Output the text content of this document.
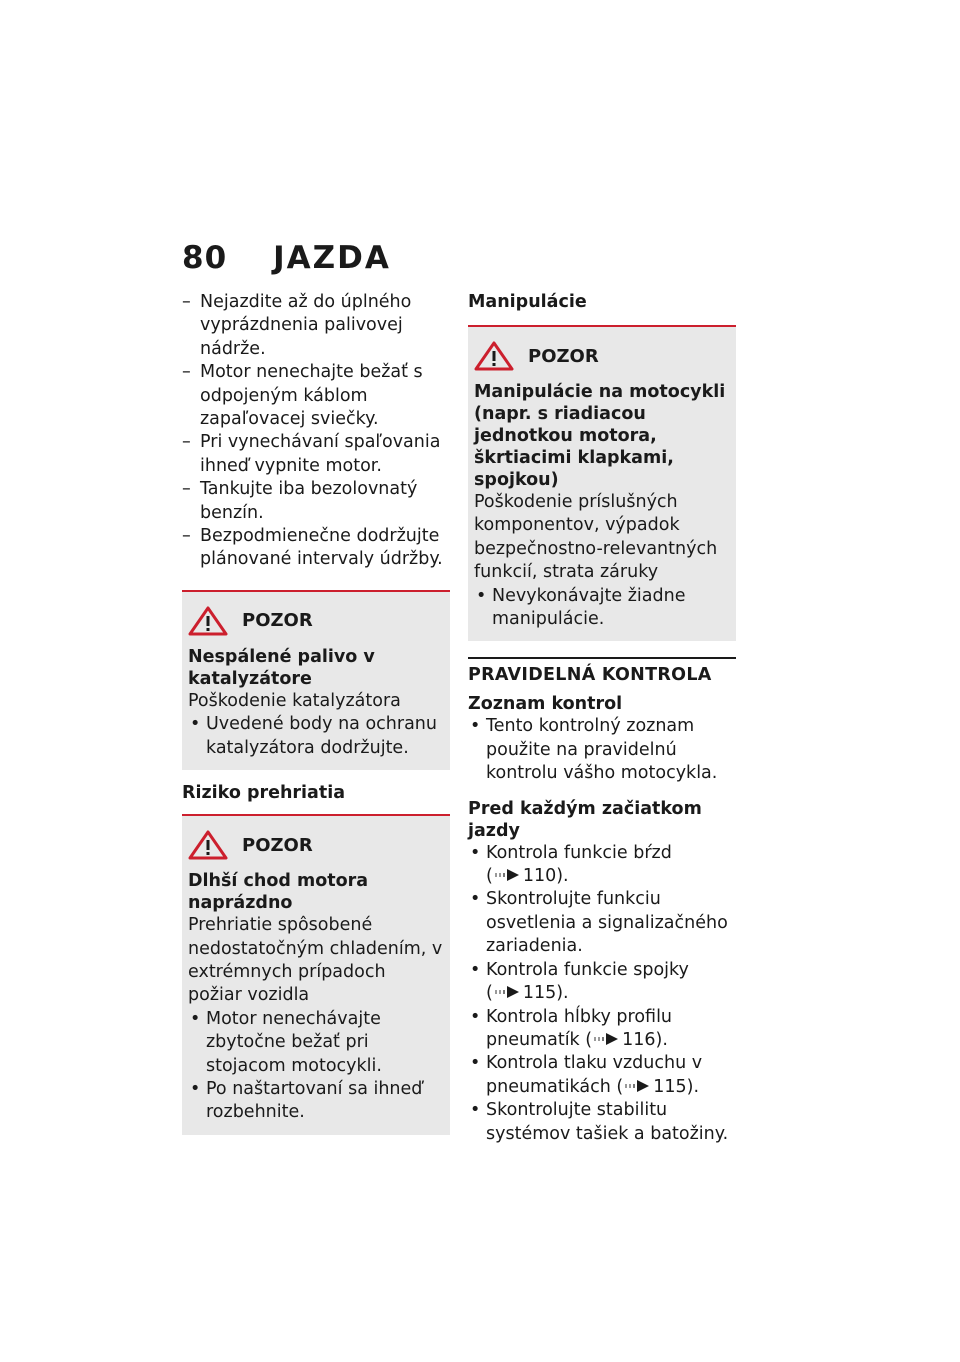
80 JAZDA
– Nejazdite až do úplného vyprázdnenia palivovej nádrže.
– Motor nenechajte bežať s odpojeným káblom zapaľovacej sviečky.
– Pri vynechávaní spaľovania ihneď vypnite motor.
– Tankujte iba bezolovnatý benzín.
– Bezpodmienečne dodržujte plánované intervaly údržby.
POZOR
Nespálené palivo v katalyzátore
Poškodenie katalyzátora
• Uvedené body na ochranu katalyzátora dodržujte.
Riziko prehriatia
POZOR
Dlhší chod motora naprázdno
Prehriatie spôsobené nedostatočným chladením, v extrémnych prípadoch požiar vozidla
• Motor nenechávajte zbytočne bežať pri stojacom motocykli.
• Po naštartovaní sa ihneď rozbehnite.
Manipulácie
POZOR
Manipulácie na motocykli (napr. s riadiacou jednotkou motora, škrtiacimi klapkami, spojkou)
Poškodenie príslušných komponentov, výpadok bezpečnostno-relevantných funkcií, strata záruky
• Nevykonávajte žiadne manipulácie.
PRAVIDELNÁ KONTROLA
Zoznam kontrol
• Tento kontrolný zoznam použite na pravidelnú kontrolu vášho motocykla.
Pred každým začiatkom jazdy
• Kontrola funkcie bŕzd
( 110).
• Skontrolujte funkciu osvetlenia a signalizačného zariadenia.
• Kontrola funkcie spojky
( 115).
• Kontrola hĺbky profilu pneumatík ( 116).
• Kontrola tlaku vzduchu v pneumatikách ( 115).
• Skontrolujte stabilitu systémov tašiek a batožiny.
